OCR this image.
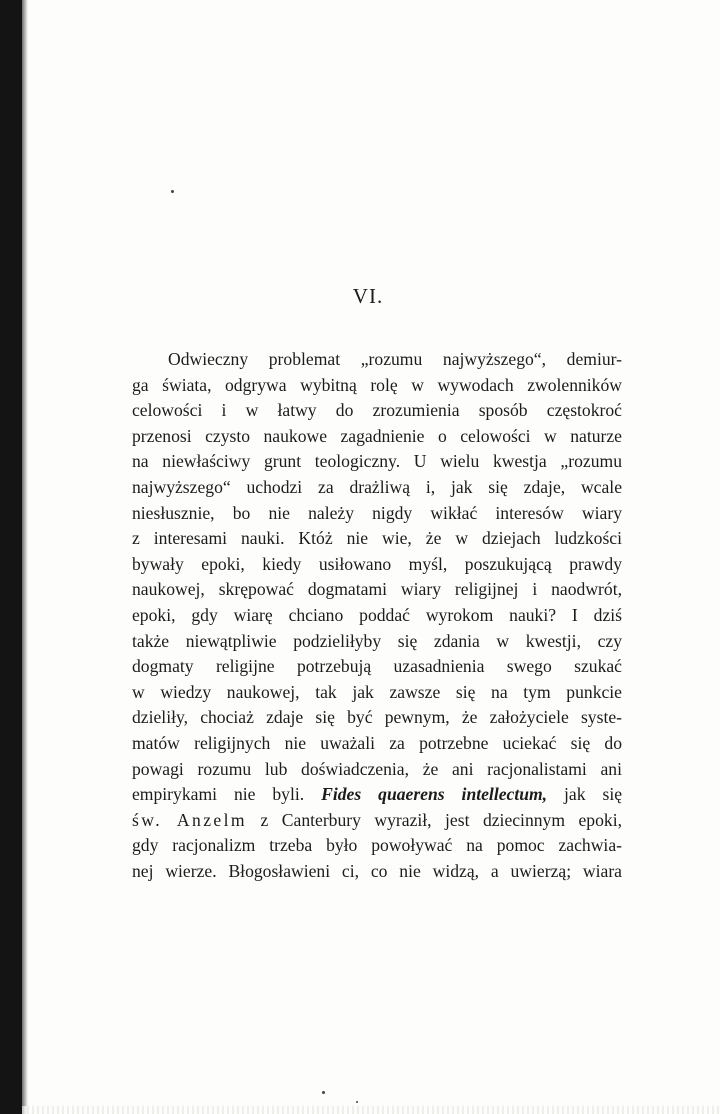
VI.
Odwieczny problemat „rozumu najwyższego“, demiur-
ga świata, odgrywa wybitną rolę w wywodach zwolenników
celowości i w łatwy do zrozumienia sposób częstokroć
przenosi czysto naukowe zagadnienie o celowości w naturze
na niewłaściwy grunt teologiczny. U wielu kwestja „rozumu
najwyższego“ uchodzi za drażliwą i, jak się zdaje, wcale
niesłusznie, bo nie należy nigdy wikłać interesów wiary
z interesami nauki. Któż nie wie, że w dziejach ludzkości
bywały epoki, kiedy usiłowano myśl, poszukującą prawdy
naukowej, skrępować dogmatami wiary religijnej i naodwrót,
epoki, gdy wiarę chciano poddać wyrokom nauki? I dziś
także niewątpliwie podzieliłyby się zdania w kwestji, czy
dogmaty religijne potrzebują uzasadnienia swego szukać
w wiedzy naukowej, tak jak zawsze się na tym punkcie
dzieliły, chociaż zdaje się być pewnym, że założyciele syste-
matów religijnych nie uważali za potrzebne uciekać się do
powagi rozumu lub doświadczenia, że ani racjonalistami ani
empirykami nie byli. Fides quaerens intellectum, jak się
św. Anzelm z Canterbury wyraził, jest dziecinnym epoki,
gdy racjonalizm trzeba było powoływać na pomoc zachwia-
nej wierze. Błogosławieni ci, co nie widzą, a uwierzą; wiara
